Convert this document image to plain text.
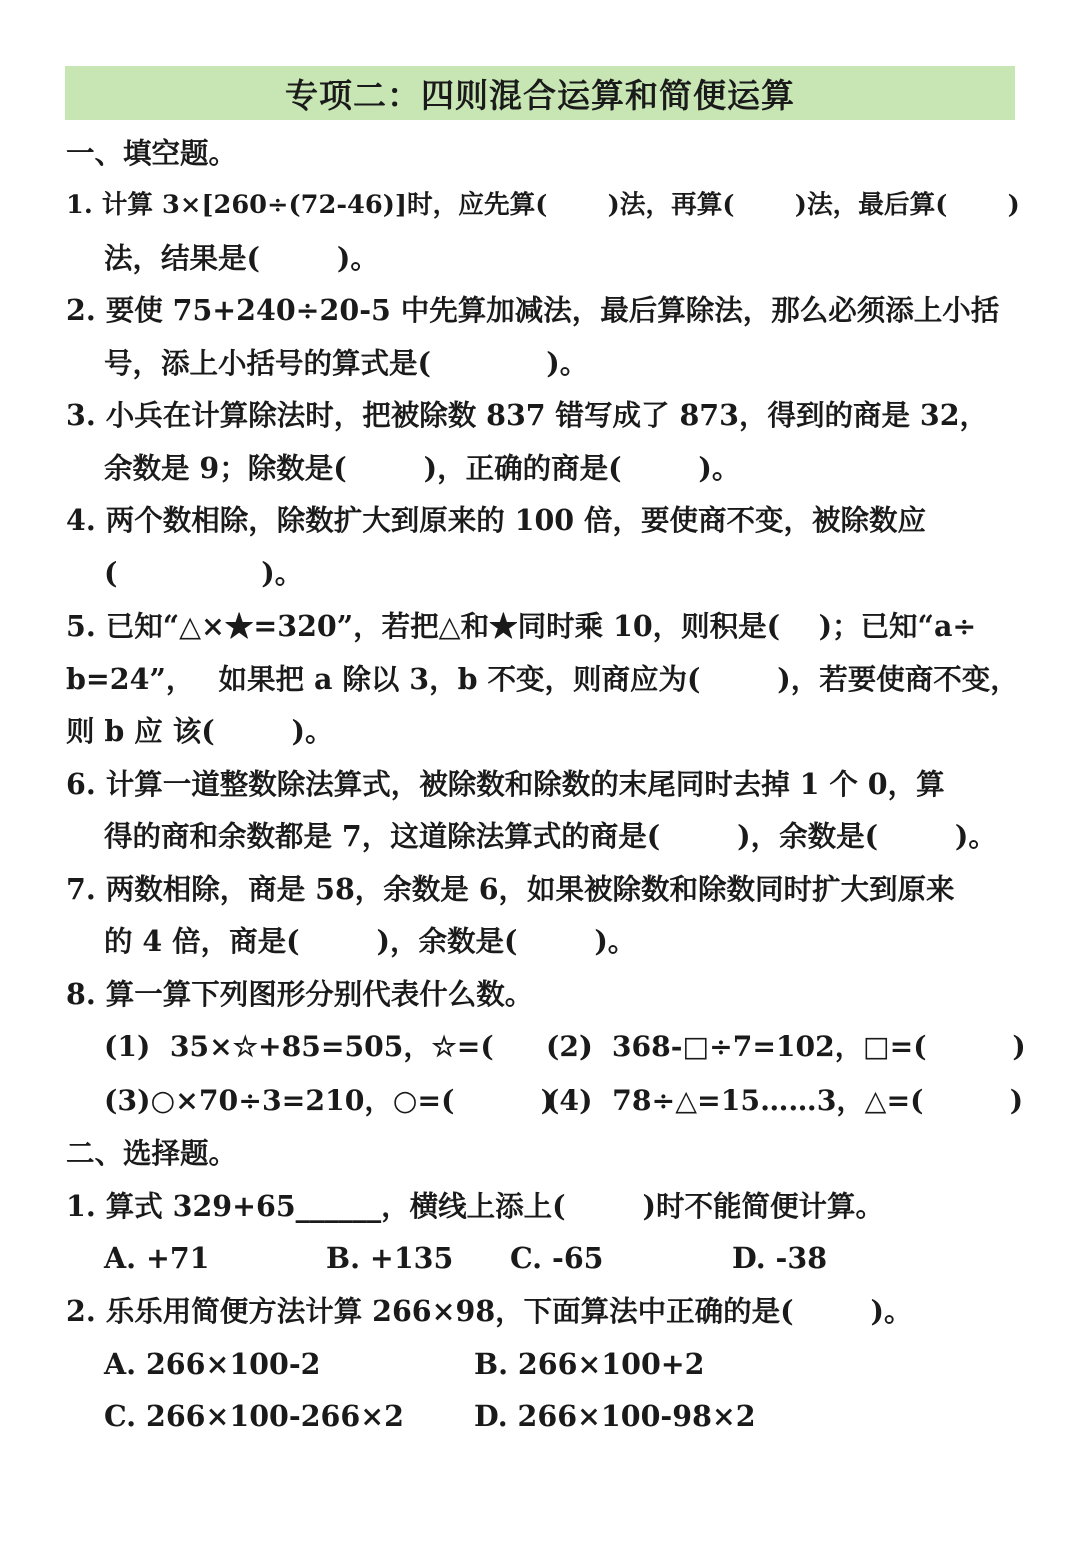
专项二：四则混合运算和简便运算
一、填空题。
1. 计算 3×[260÷(72-46)]时，应先算(　 　)法，再算(　 　)法，最后算(　 　)
法，结果是(　 　 )。
2. 要使 75+240÷20-5 中先算加减法，最后算除法，那么必须添上小括
号，添上小括号的算式是(　 　 　 )。
3. 小兵在计算除法时，把被除数 837 错写成了 873，得到的商是 32，
余数是 9；除数是(　 　 )，正确的商是(　 　 )。
4. 两个数相除，除数扩大到原来的 100 倍，要使商不变，被除数应
(　 　 　 　)。
5. 已知“△×★=320”，若把△和★同时乘 10，则积是(　 )；已知“a÷
b=24”，　 如果把 a 除以 3，b 不变，则商应为(　 　 )，若要使商不变，
则 b 应 该(　 　 )。
6. 计算一道整数除法算式，被除数和除数的末尾同时去掉 1 个 0，算
得的商和余数都是 7，这道除法算式的商是(　 　 )，余数是(　 　 )。
7. 两数相除，商是 58，余数是 6，如果被除数和除数同时扩大到原来
的 4 倍，商是(　 　 )，余数是(　 　 )。
8. 算一算下列图形分别代表什么数。

(1)  35×☆+85=505，☆=(　 　  )

(2)  368-□÷7=102，□=(　 　  )

(3)○×70÷3=210，○=(　 　  )

(4)  78÷△=15……3，△=(　 　  )

二、选择题。
1. 算式 329+65______，横线上添上(　 　 )时不能简便计算。

A. +71

	B. +135

C. -65

	D. -38

2. 乐乐用简便方法计算 266×98，下面算法中正确的是(　 　 )。

A. 266×100-2

	B. 266×100+2

C. 266×100-266×2

D. 266×100-98×2
